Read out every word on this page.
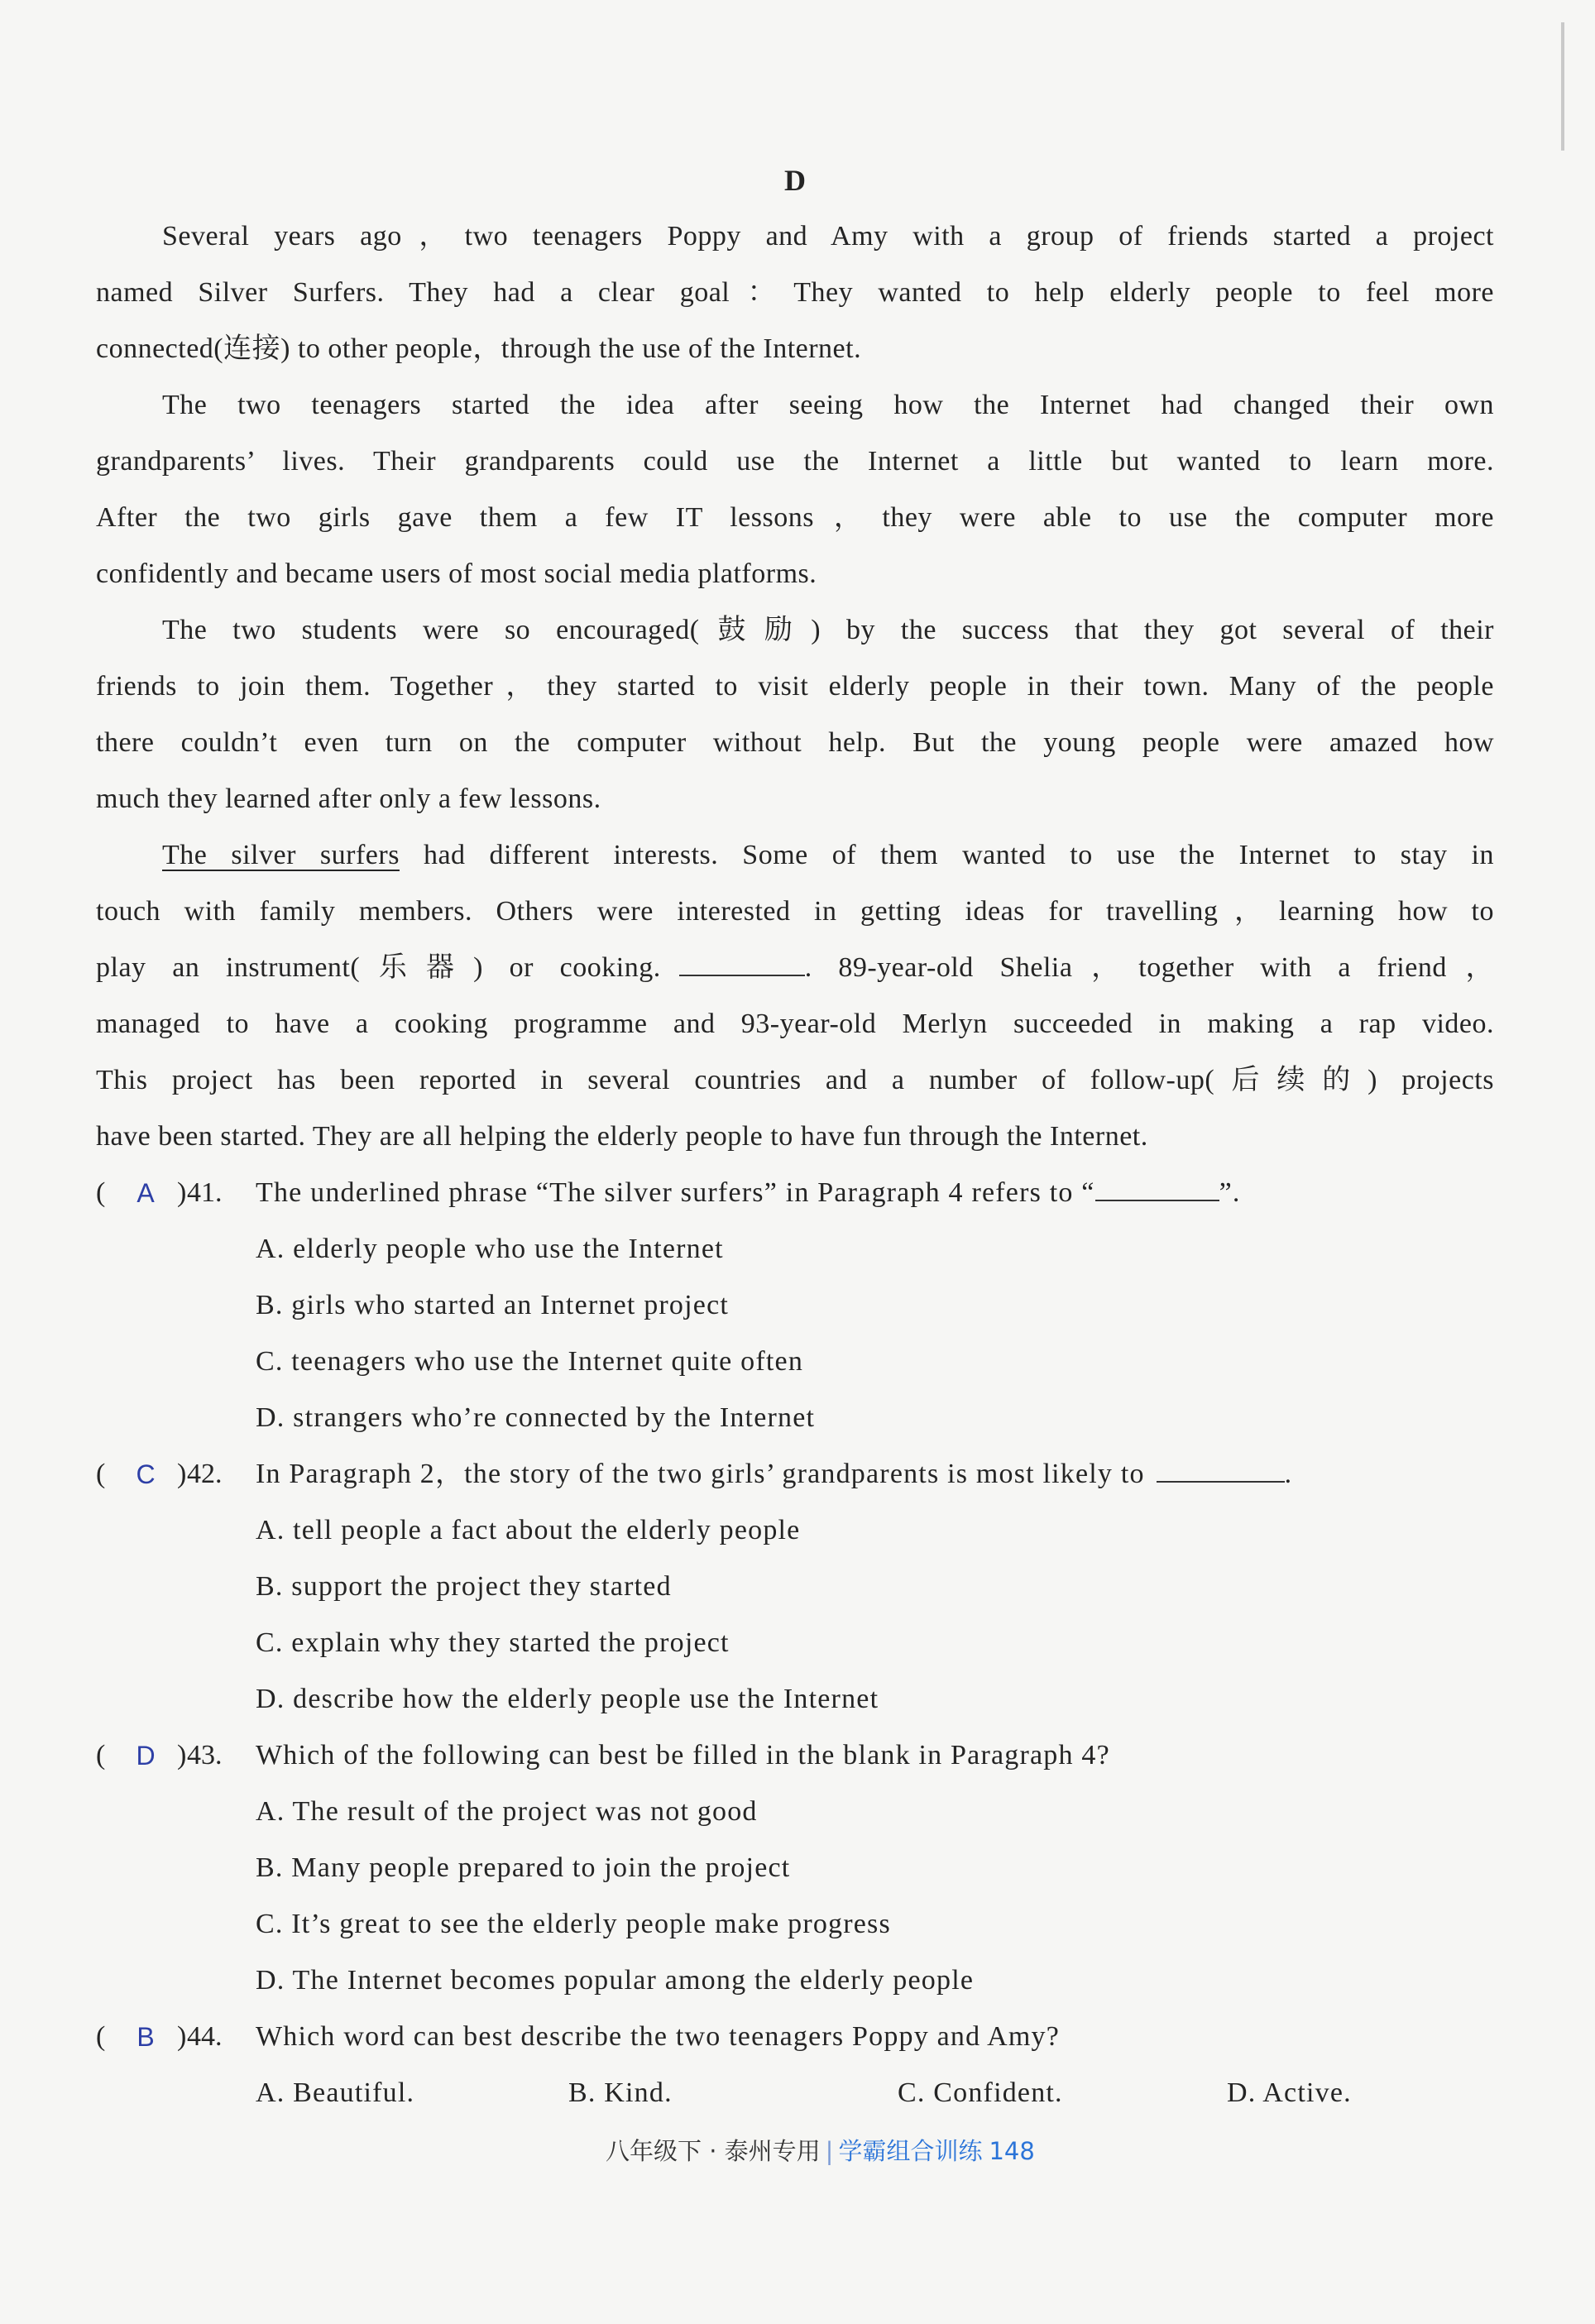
D
Several years ago，two teenagers Poppy and Amy with a group of friends started a project
named Silver Surfers. They had a clear goal：They wanted to help elderly people to feel more
connected(连接) to other people，through the use of the Internet.
The two teenagers started the idea after seeing how the Internet had changed their own
grandparents’ lives. Their grandparents could use the Internet a little but wanted to learn more.
After the two girls gave them a few IT lessons，they were able to use the computer more
confidently and became users of most social media platforms.
The two students were so encouraged(鼓励) by the success that they got several of their
friends to join them. Together，they started to visit elderly people in their town. Many of the people
there couldn’t even turn on the computer without help. But the young people were amazed how
much they learned after only a few lessons.
The silver surfers had different interests. Some of them wanted to use the Internet to stay in
touch with family members. Others were interested in getting ideas for travelling，learning how to
play an instrument(乐器) or cooking.	. 89-year-old Shelia，together with a friend，
managed to have a cooking programme and 93-year-old Merlyn succeeded in making a rap video.
This project has been reported in several countries and a number of follow-up(后续的) projects
have been started. They are all helping the elderly people to have fun through the Internet.
(	A ) 41. The underlined phrase “The silver surfers” in Paragraph 4 refers to “	”.
A. elderly people who use the Internet
B. girls who started an Internet project
C. teenagers who use the Internet quite often
D. strangers who’re connected by the Internet
(	C ) 42. In Paragraph 2，the story of the two girls’ grandparents is most likely to	.
A. tell people a fact about the elderly people
B. support the project they started
C. explain why they started the project
D. describe how the elderly people use the Internet
(	D ) 43. Which of the following can best be filled in the blank in Paragraph 4?
A. The result of the project was not good
B. Many people prepared to join the project
C. It’s great to see the elderly people make progress
D. The Internet becomes popular among the elderly people
(	B ) 44. Which word can best describe the two teenagers Poppy and Amy?
A. Beautiful.	B. Kind.	C. Confident.	D. Active.
八年级下 · 泰州专用 | 学霸组合训练 148
